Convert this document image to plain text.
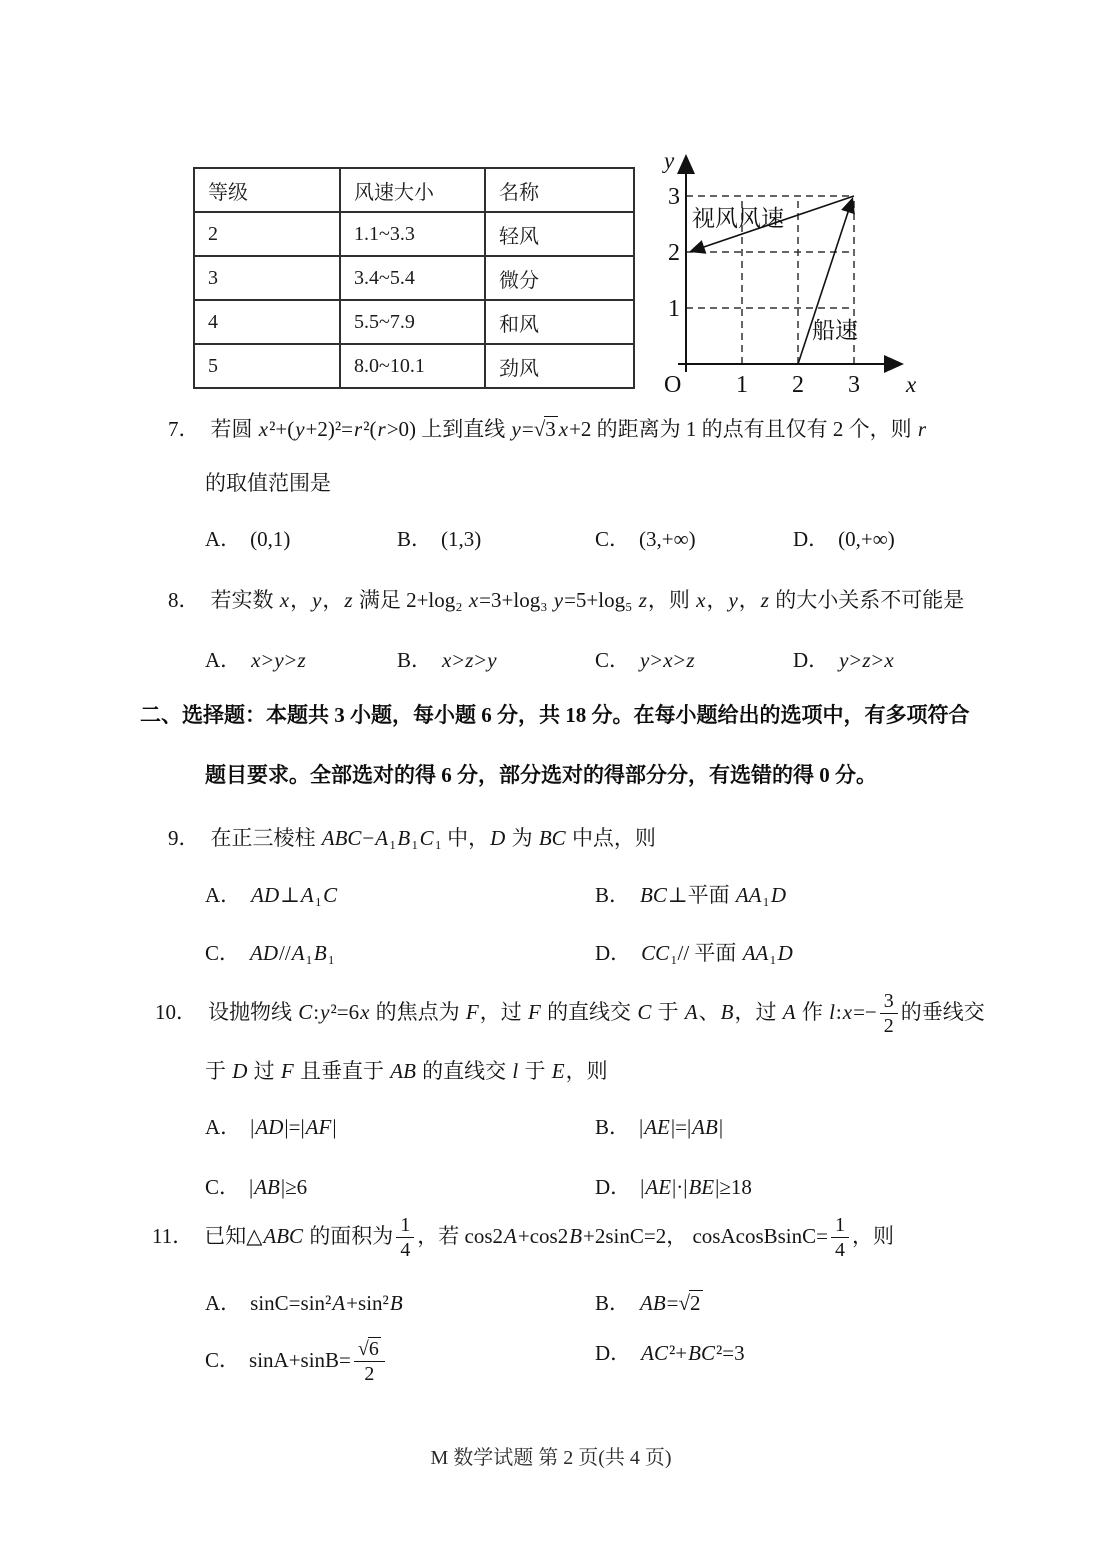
等级	风速大小	名称
2	1.1~3.3	轻风
3	3.4~5.4	微分
4	5.5~7.9	和风
5	8.0~10.1	劲风
y
x
O
3
2
1
1 2 3
视风风速
船速
7． 若圆 x²+(y+2)²=r²(r>0) 上到直线 y=√3 x+2 的距离为 1 的点有且仅有 2 个，则 r
的取值范围是
A． (0,1)	B． (1,3)	C． (3,+∞)	D． (0,+∞)
8． 若实数 x，y，z 满足 2+log₂ x=3+log₃ y=5+log₅ z，则 x，y，z 的大小关系不可能是
A． x>y>z	B． x>z>y	C． y>x>z	D． y>z>x
二、选择题：本题共 3 小题，每小题 6 分，共 18 分。在每小题给出的选项中，有多项符合
题目要求。全部选对的得 6 分，部分选对的得部分分，有选错的得 0 分。
9． 在正三棱柱 ABC−A₁B₁C₁ 中，D 为 BC 中点，则
A． AD⊥A₁C	B． BC⊥平面 AA₁D
C． AD//A₁B₁	D． CC₁// 平面 AA₁D
10． 设抛物线 C:y²=6x 的焦点为 F，过 F 的直线交 C 于 A、B，过 A 作 l:x=− $\frac{3}{2}$ 的垂线交
于 D 过 F 且垂直于 AB 的直线交 l 于 E，则
A． |AD|=|AF|	B． |AE|=|AB|
C． |AB|≥6	D． |AE|·|BE|≥18
11． 已知△ABC 的面积为 $\frac{1}{4}$ ，若 cos2A+cos2B+2sinC=2， cosAcosBsinC= $\frac{1}{4}$ ，则
A． sinC=sin²A+sin²B	B． AB=√2
C． $\sin A+\sin B= \frac{√6}{2}$	D． AC²+BC²=3
M 数学试题 第 2 页(共 4 页)
